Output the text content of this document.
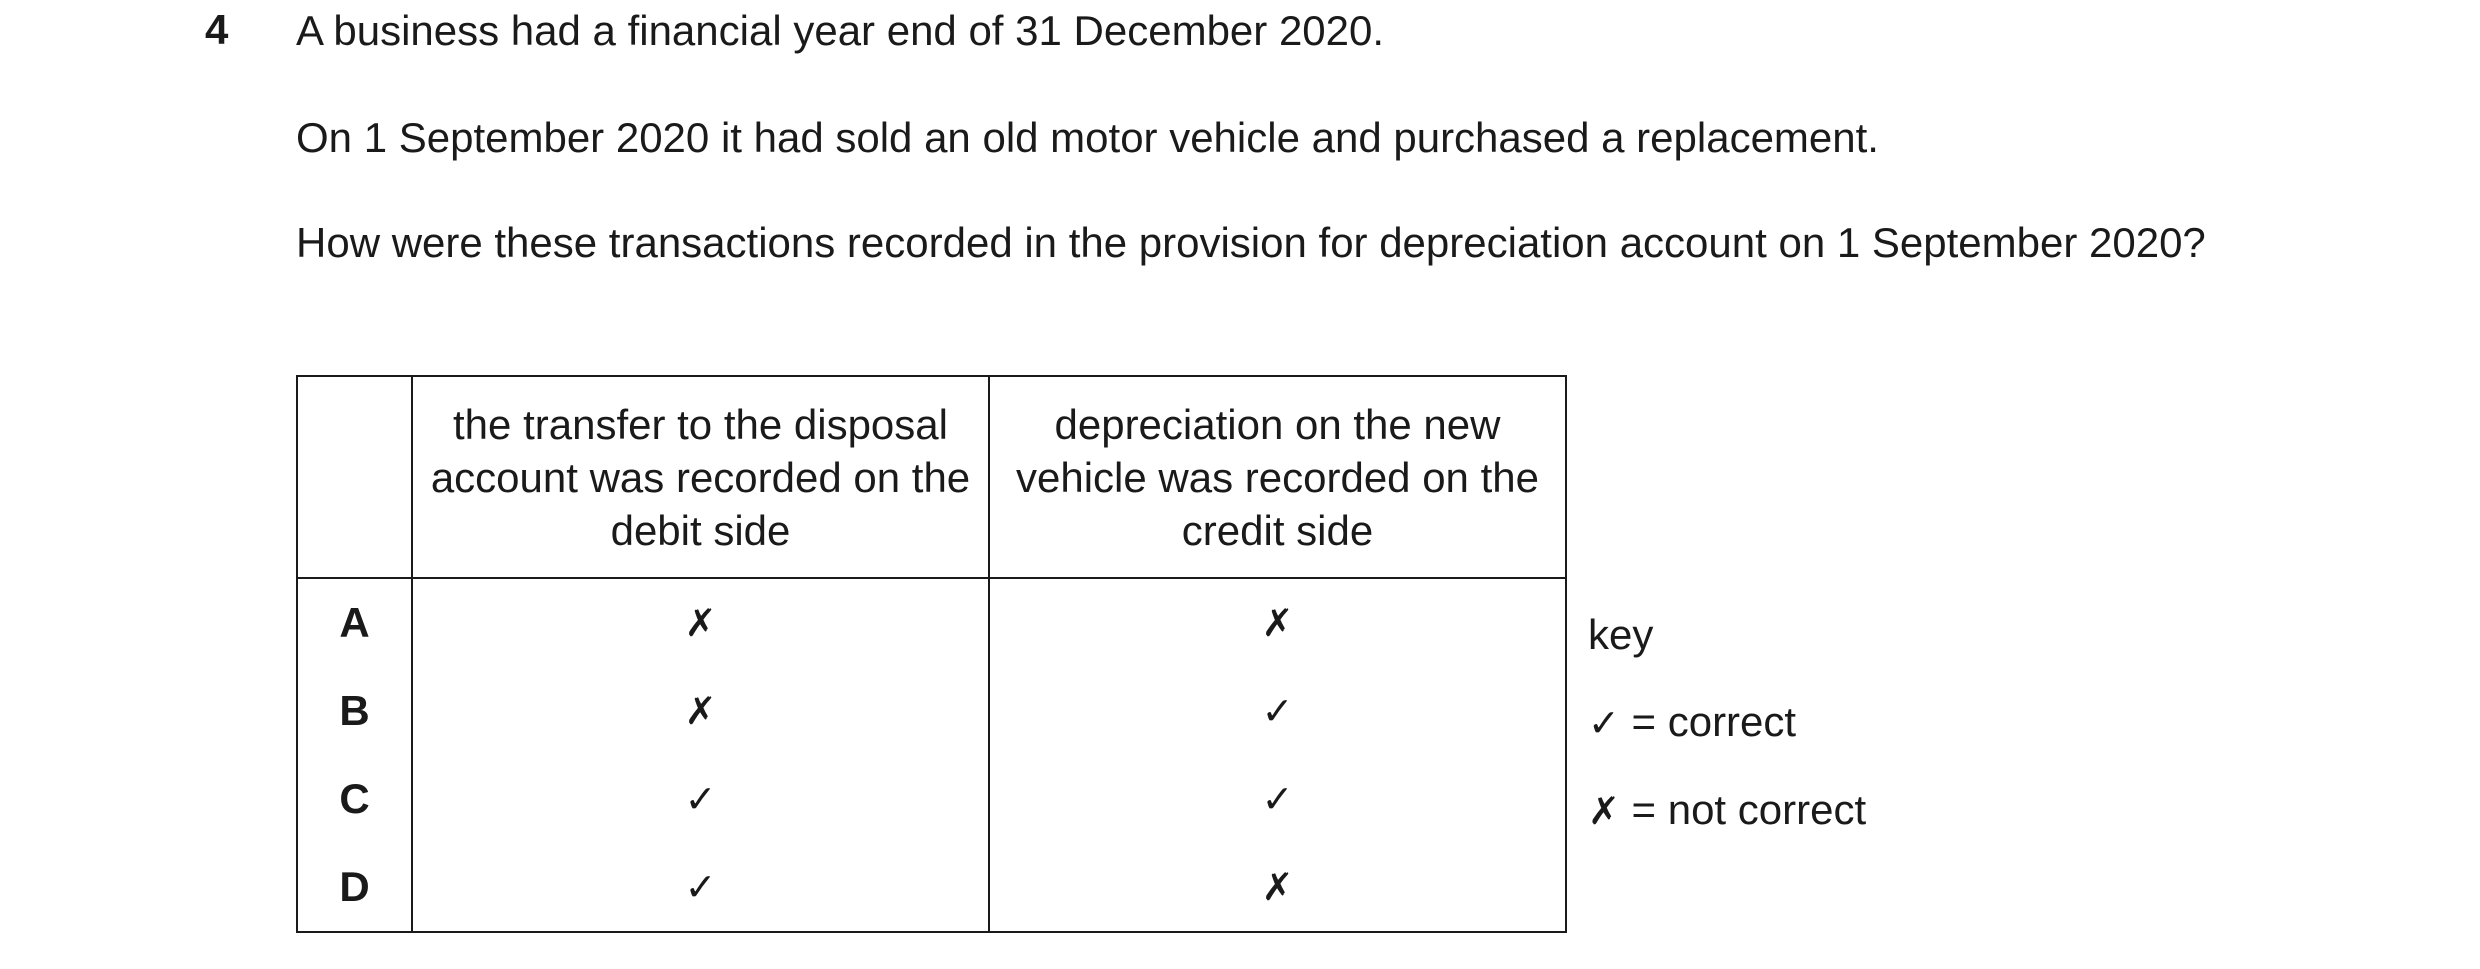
4 A business had a financial year end of 31 December 2020.
On 1 September 2020 it had sold an old motor vehicle and purchased a replacement.
How were these transactions recorded in the provision for depreciation account on 1 September 2020?
	the transfer to the disposal account was recorded on the debit side	depreciation on the new vehicle was recorded on the credit side
A	✗	✗
B	✗	✓
C	✓	✓
D	✓	✗
key
✓ = correct
✗ = not correct
